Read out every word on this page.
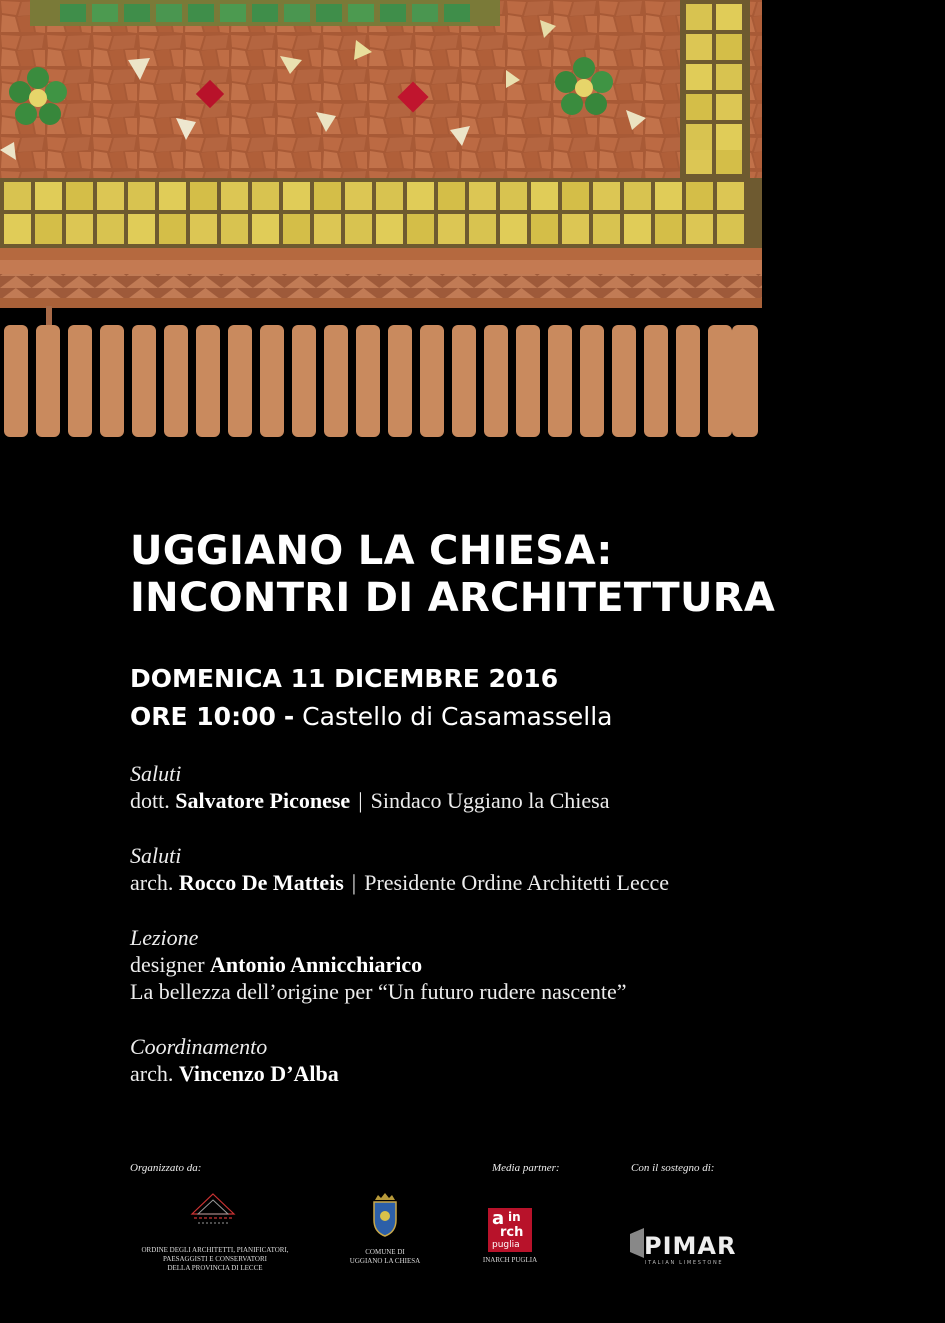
UGGIANO LA CHIESA:
INCONTRI DI ARCHITETTURA
DOMENICA 11 DICEMBRE 2016
ORE 10:00 - Castello di Casamassella
Saluti
dott. Salvatore Piconese | Sindaco Uggiano la Chiesa
Saluti
arch. Rocco De Matteis | Presidente Ordine Architetti Lecce
Lezione
designer Antonio Annicchiarico
La bellezza dell’origine per “Un futuro rudere nascente”
Coordinamento
arch. Vincenzo D’Alba
Organizzato da:	Media partner:	Con il sostegno di:
ORDINE DEGLI ARCHITETTI, PIANIFICATORI,
PAESAGGISTI E CONSERVATORI
DELLA PROVINCIA DI LECCE
COMUNE DI
UGGIANO LA CHIESA
a in
rch
puglia
INARCH PUGLIA	PIMAR
ITALIAN LIMESTONE
